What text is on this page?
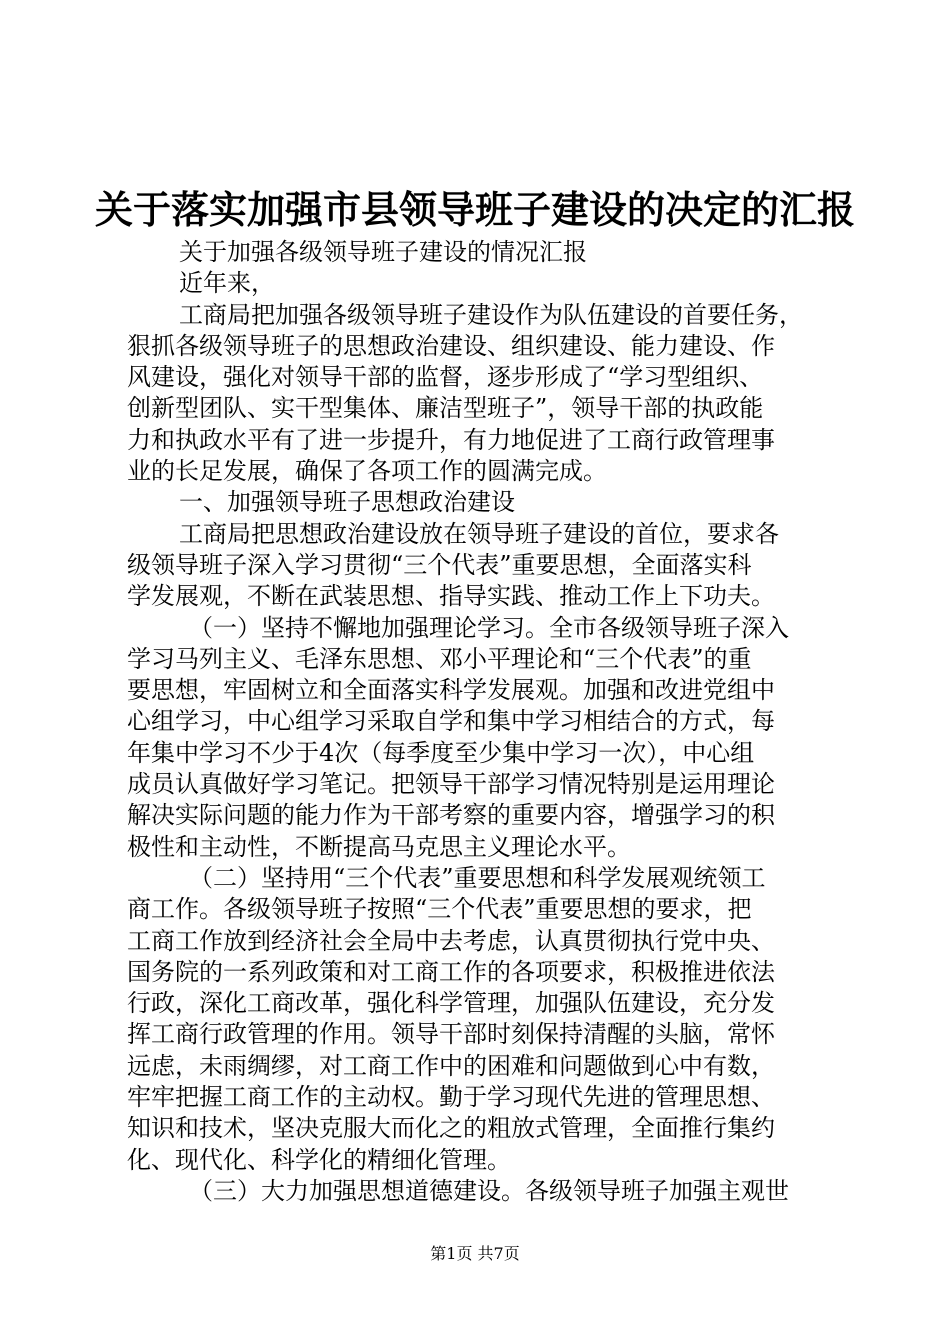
关于落实加强市县领导班子建设的决定的汇报
关于加强各级领导班子建设的情况汇报
近年来，
工商局把加强各级领导班子建设作为队伍建设的首要任务，
狠抓各级领导班子的思想政治建设、组织建设、能力建设、作
风建设，强化对领导干部的监督，逐步形成了“学习型组织、
创新型团队、实干型集体、廉洁型班子”，领导干部的执政能
力和执政水平有了进一步提升，有力地促进了工商行政管理事
业的长足发展，确保了各项工作的圆满完成。
一、加强领导班子思想政治建设
工商局把思想政治建设放在领导班子建设的首位，要求各
级领导班子深入学习贯彻“三个代表”重要思想，全面落实科
学发展观，不断在武装思想、指导实践、推动工作上下功夫。
（一）坚持不懈地加强理论学习。全市各级领导班子深入
学习马列主义、毛泽东思想、邓小平理论和“三个代表”的重
要思想，牢固树立和全面落实科学发展观。加强和改进党组中
心组学习，中心组学习采取自学和集中学习相结合的方式，每
年集中学习不少于4次（每季度至少集中学习一次），中心组
成员认真做好学习笔记。把领导干部学习情况特别是运用理论
解决实际问题的能力作为干部考察的重要内容，增强学习的积
极性和主动性，不断提高马克思主义理论水平。
（二）坚持用“三个代表”重要思想和科学发展观统领工
商工作。各级领导班子按照“三个代表”重要思想的要求，把
工商工作放到经济社会全局中去考虑，认真贯彻执行党中央、
国务院的一系列政策和对工商工作的各项要求，积极推进依法
行政，深化工商改革，强化科学管理，加强队伍建设，充分发
挥工商行政管理的作用。领导干部时刻保持清醒的头脑，常怀
远虑，未雨绸缪，对工商工作中的困难和问题做到心中有数，
牢牢把握工商工作的主动权。勤于学习现代先进的管理思想、
知识和技术，坚决克服大而化之的粗放式管理，全面推行集约
化、现代化、科学化的精细化管理。
（三）大力加强思想道德建设。各级领导班子加强主观世
第1页 共7页
